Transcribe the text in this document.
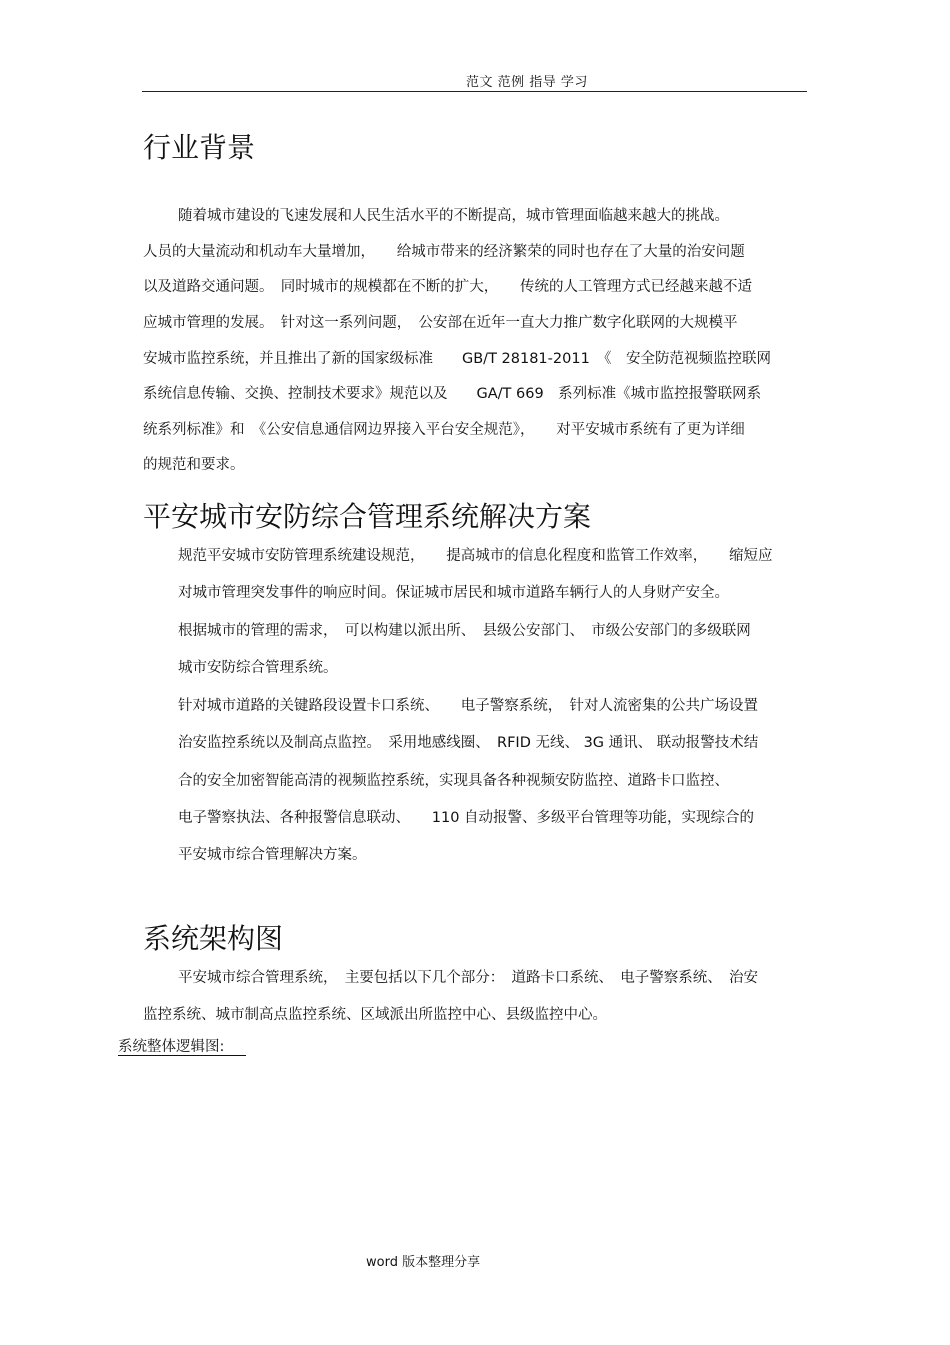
范文 范例 指导 学习
行业背景
随着城市建设的飞速发展和人民生活水平的不断提高，城市管理面临越来越大的挑战。
人员的大量流动和机动车大量增加，　　给城市带来的经济繁荣的同时也存在了大量的治安问题
以及道路交通问题。　同时城市的规模都在不断的扩大，　　传统的人工管理方式已经越来越不适
应城市管理的发展。　针对这一系列问题，　公安部在近年一直大力推广数字化联网的大规模平
安城市监控系统，并且推出了新的国家级标准　　GB/T 28181-2011　《　安全防范视频监控联网
系统信息传输、交换、控制技术要求》规范以及　　GA/T 669　系列标准《城市监控报警联网系
统系列标准》和　《公安信息通信网边界接入平台安全规范》，　　对平安城市系统有了更为详细
的规范和要求。
平安城市安防综合管理系统解决方案
规范平安城市安防管理系统建设规范，　　提高城市的信息化程度和监管工作效率，　　缩短应
对城市管理突发事件的响应时间。保证城市居民和城市道路车辆行人的人身财产安全。
根据城市的管理的需求，　可以构建以派出所、　县级公安部门、　市级公安部门的多级联网
城市安防综合管理系统。
针对城市道路的关键路段设置卡口系统、　　电子警察系统，　针对人流密集的公共广场设置
治安监控系统以及制高点监控。　采用地感线圈、　RFID 无线、 3G 通讯、 联动报警技术结
合的安全加密智能高清的视频监控系统，实现具备各种视频安防监控、道路卡口监控、
电子警察执法、各种报警信息联动、　　110 自动报警、多级平台管理等功能，实现综合的
平安城市综合管理解决方案。
系统架构图
平安城市综合管理系统，　主要包括以下几个部分：　道路卡口系统、　电子警察系统、　治安
监控系统、城市制高点监控系统、区域派出所监控中心、县级监控中心。
系统整体逻辑图:
word 版本整理分享
